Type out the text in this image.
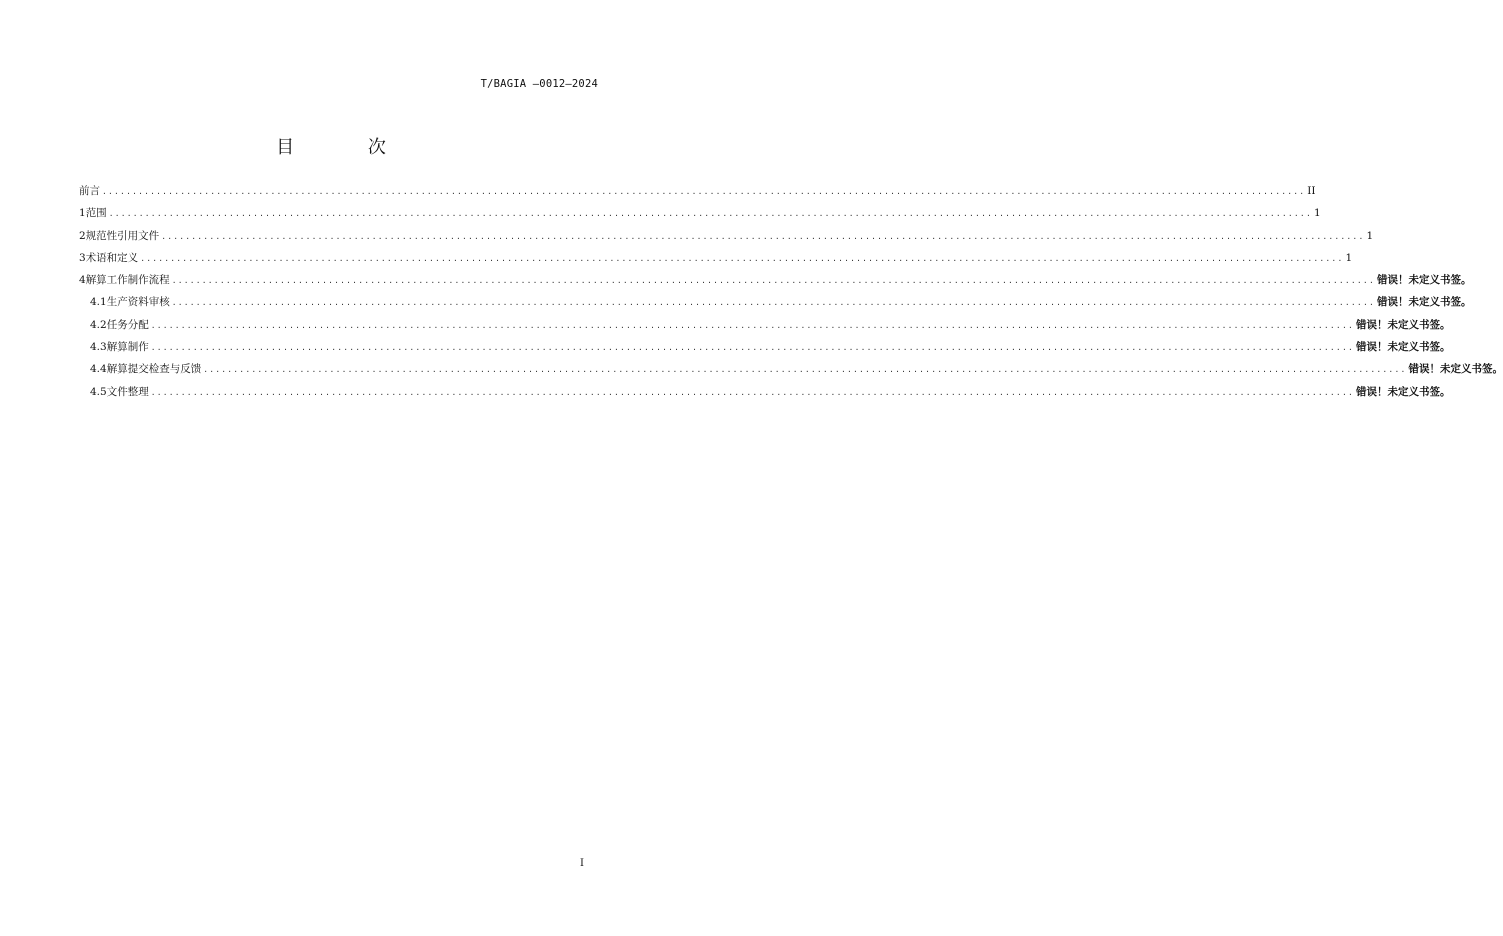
T/BAGIA —0012—2024
目 次
前言 ........................................................................................................................................................................................................ II
1 范围 ........................................................................................................................................................................................................ 1
2 规范性引用文件 ........................................................................................................................................................................................................ 1
3 术语和定义 ........................................................................................................................................................................................................ 1
4 解算工作制作流程 ........................................................................................................................................................................................................ 错误！未定义书签。
4.1 生产资料审核 ........................................................................................................................................................................................................ 错误！未定义书签。
4.2 任务分配 ........................................................................................................................................................................................................ 错误！未定义书签。
4.3 解算制作 ........................................................................................................................................................................................................ 错误！未定义书签。
4.4 解算提交检查与反馈 ........................................................................................................................................................................................................ 错误！未定义书签。
4.5 文件整理 ........................................................................................................................................................................................................ 错误！未定义书签。
I
